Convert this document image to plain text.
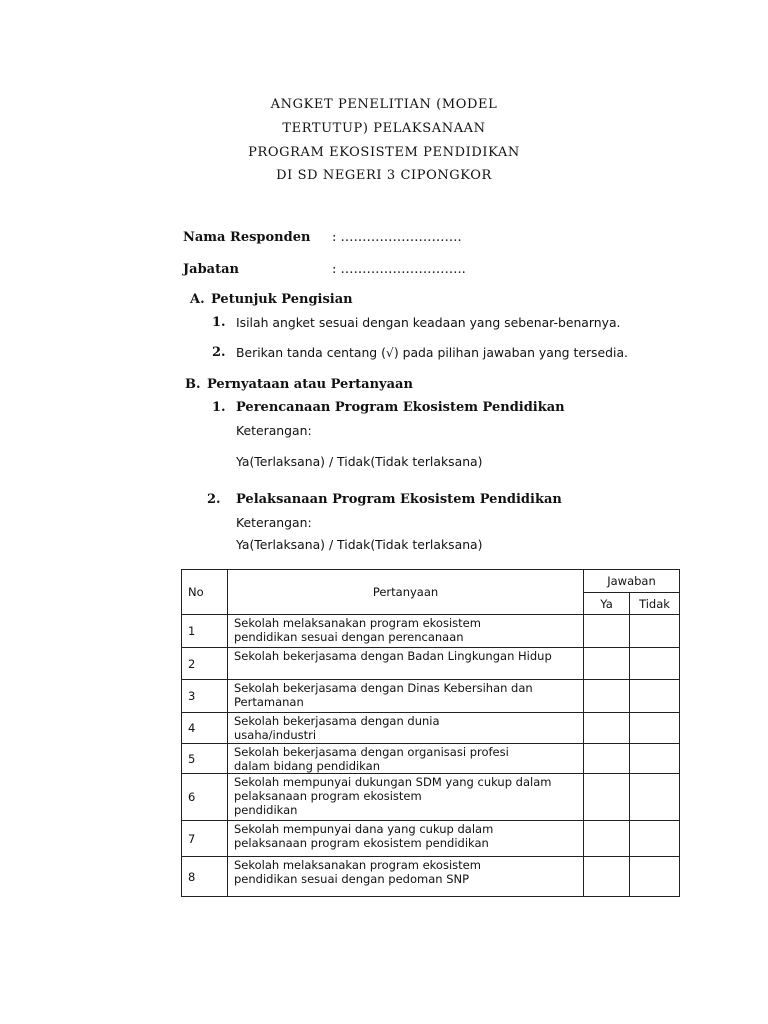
ANGKET PENELITIAN (MODEL
TERTUTUP) PELAKSANAAN
PROGRAM EKOSISTEM PENDIDIKAN
DI SD NEGERI 3 CIPONGKOR
Nama Responden : ……………………….
Jabatan	: ………………………..
A. Petunjuk Pengisian
1. Isilah angket sesuai dengan keadaan yang sebenar-benarnya.
2. Berikan tanda centang (√) pada pilihan jawaban yang tersedia.
B. Pernyataan atau Pertanyaan
1. Perencanaan Program Ekosistem Pendidikan
Keterangan:
Ya(Terlaksana) / Tidak(Tidak terlaksana)
2. Pelaksanaan Program Ekosistem Pendidikan
Keterangan:
Ya(Terlaksana) / Tidak(Tidak terlaksana)
No	Pertanyaan	Jawaban	
		Ya	Tidak
1	Sekolah melaksanakan program ekosistem
pendidikan sesuai dengan perencanaan		

2	Sekolah bekerjasama dengan Badan Lingkungan Hidup		

3	Sekolah bekerjasama dengan Dinas Kebersihan dan
Pertamanan		

4	Sekolah bekerjasama dengan dunia
usaha/industri		

5	Sekolah bekerjasama dengan organisasi profesi
dalam bidang pendidikan		

6	Sekolah mempunyai dukungan SDM yang cukup dalam
pelaksanaan program ekosistem
pendidikan		

7	Sekolah mempunyai dana yang cukup dalam
pelaksanaan program ekosistem pendidikan		

8	Sekolah melaksanakan program ekosistem
pendidikan sesuai dengan pedoman SNP		
